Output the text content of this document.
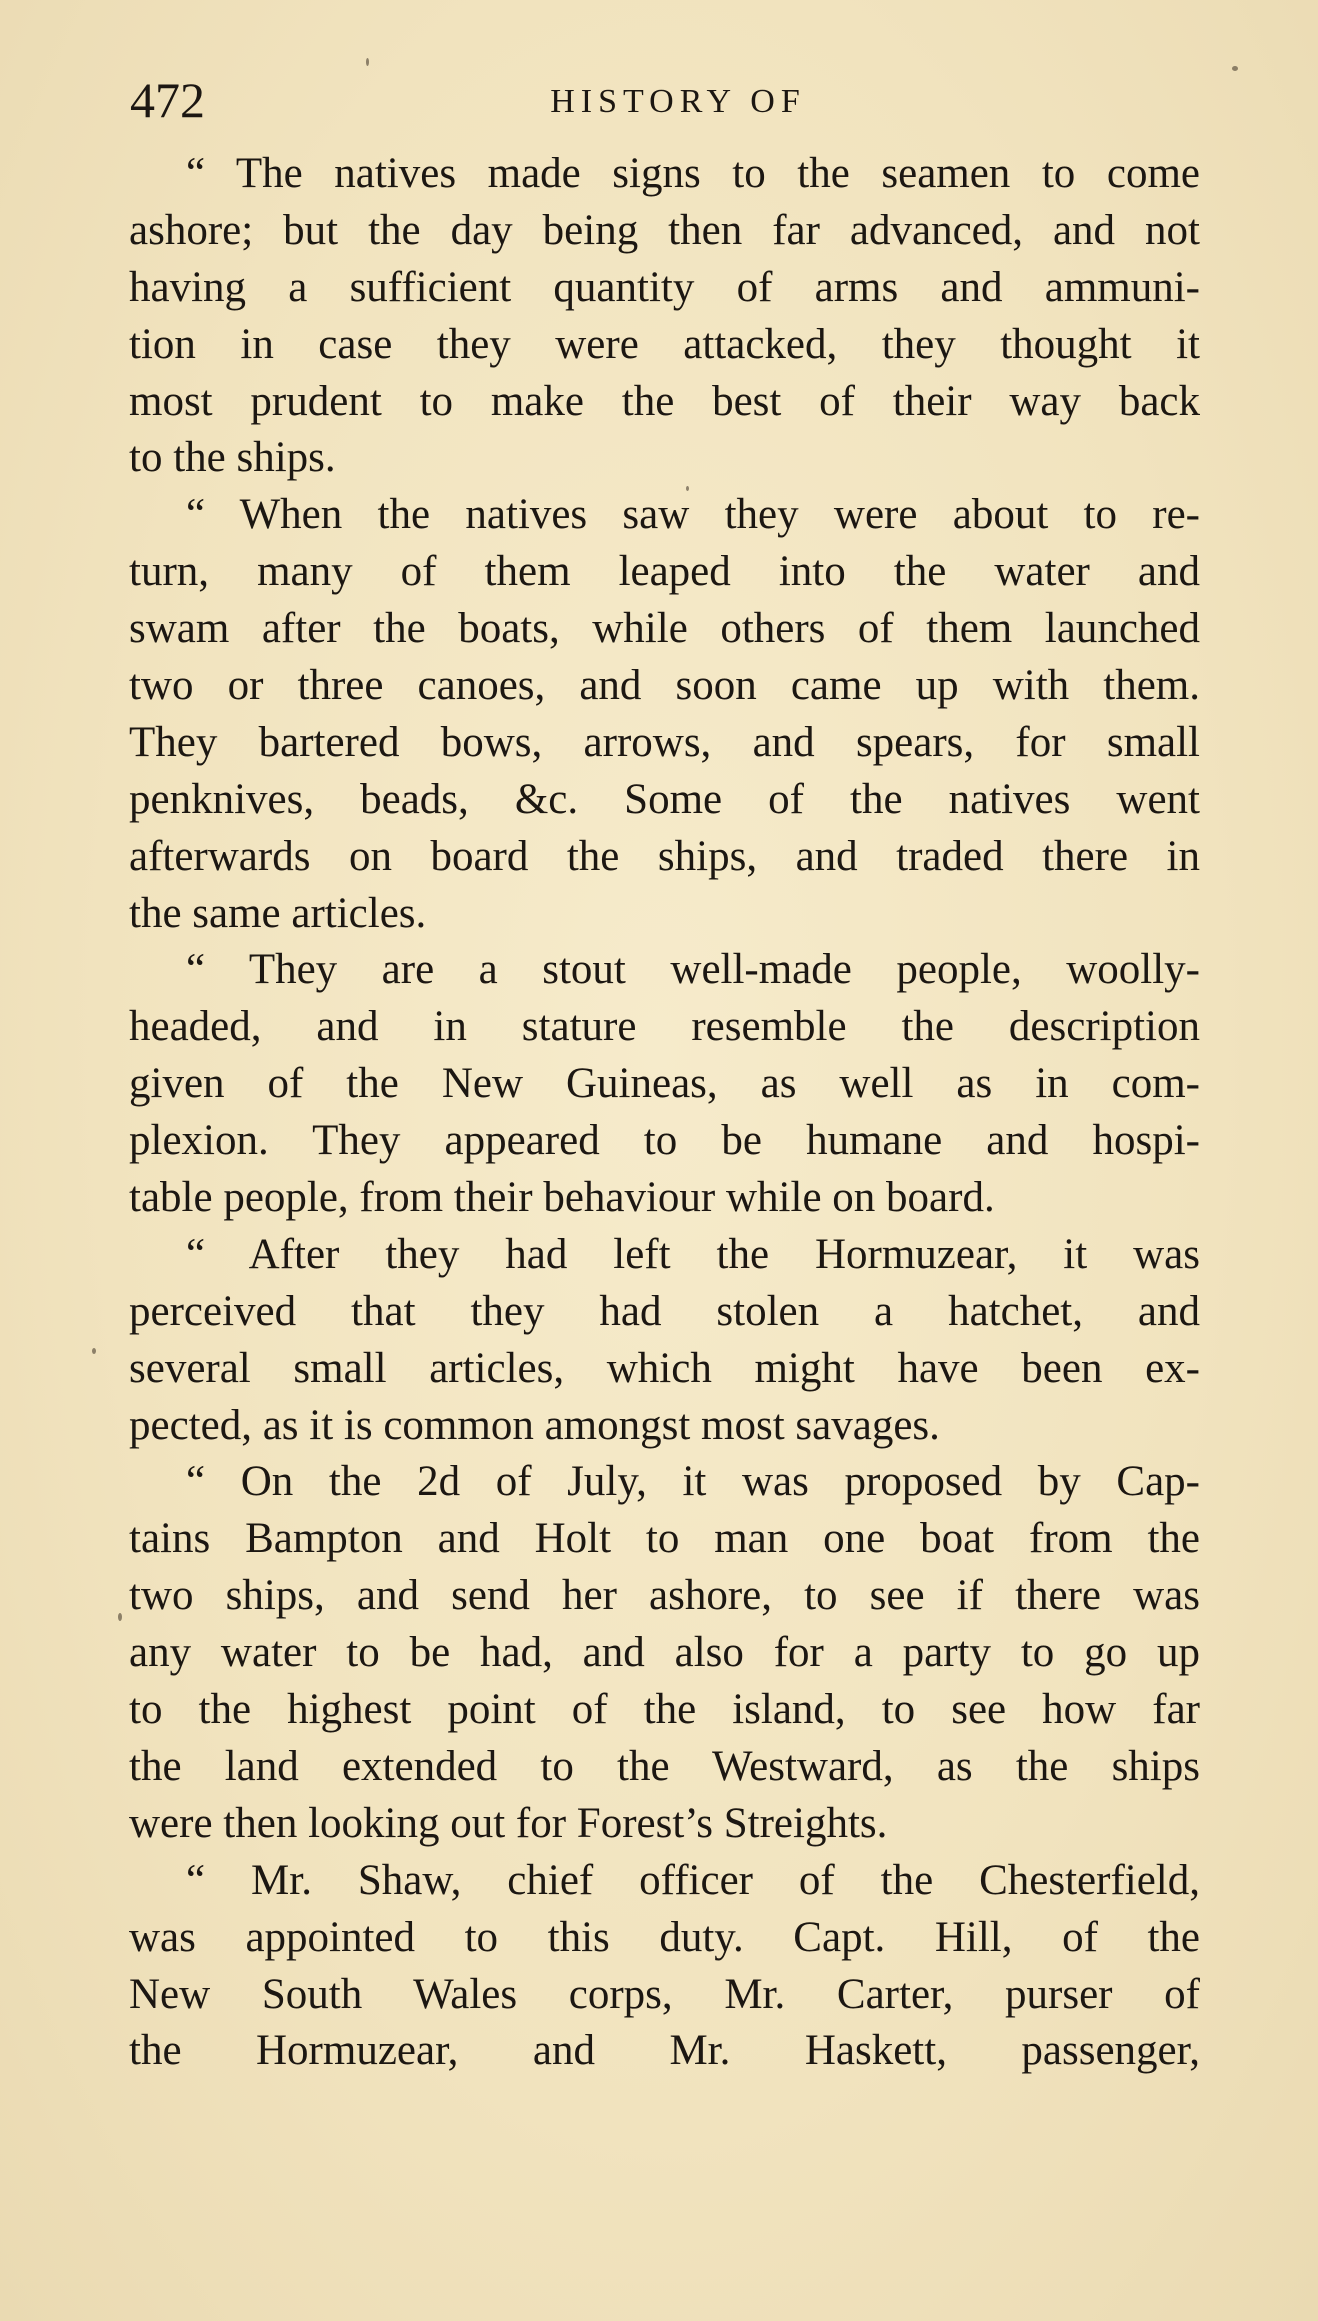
472	HISTORY OF
“ The natives made signs to the seamen to come
ashore; but the day being then far advanced, and not
having a sufficient quantity of arms and ammuni-
tion in case they were attacked, they thought it
most prudent to make the best of their way back
to the ships.
“ When the natives saw they were about to re-
turn, many of them leaped into the water and
swam after the boats, while others of them launched
two or three canoes, and soon came up with them.
They bartered bows, arrows, and spears, for small
penknives, beads, &c. Some of the natives went
afterwards on board the ships, and traded there in
the same articles.
“ They are a stout well-made people, woolly-
headed, and in stature resemble the description
given of the New Guineas, as well as in com-
plexion. They appeared to be humane and hospi-
table people, from their behaviour while on board.
“ After they had left the Hormuzear, it was
perceived that they had stolen a hatchet, and
several small articles, which might have been ex-
pected, as it is common amongst most savages.
“ On the 2d of July, it was proposed by Cap-
tains Bampton and Holt to man one boat from the
two ships, and send her ashore, to see if there was
any water to be had, and also for a party to go up
to the highest point of the island, to see how far
the land extended to the Westward, as the ships
were then looking out for Forest’s Streights.
“ Mr. Shaw, chief officer of the Chesterfield,
was appointed to this duty. Capt. Hill, of the
New South Wales corps, Mr. Carter, purser of
the Hormuzear, and Mr. Haskett, passenger,
